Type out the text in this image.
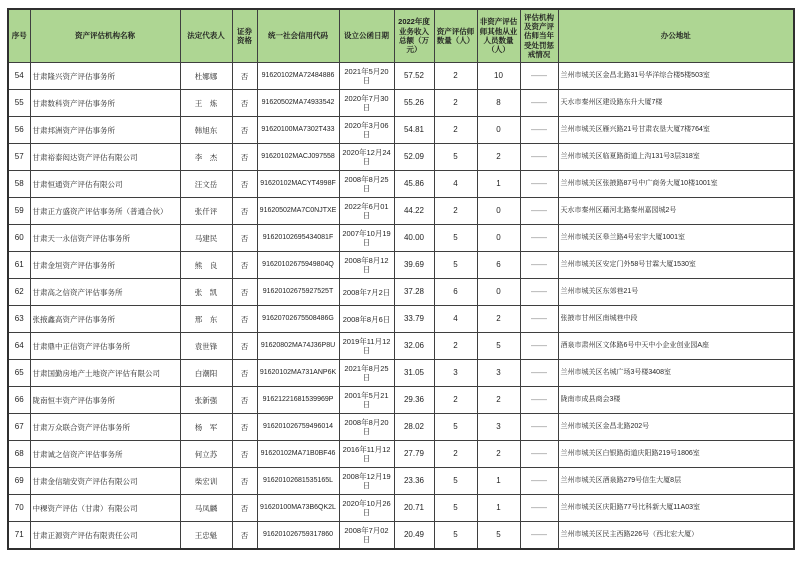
序号	资产评估机构名称	法定代表人	证券资格	统一社会信用代码	设立公函日期	2022年度业务收入总额（万元）	资产评估师数量（人）	非资产评估师其他从业人员数量（人）	评估机构及资产评估师当年受处罚惩戒情况	办公地址
54	甘肃隆兴资产评估事务所	杜娜娜	否	91620102MA72484886	2021年5月20日	57.52	2	10	——	兰州市城关区金昌北路31号华洋综合楼5楼503室
55	甘肃数科资产评估事务所	王　炼	否	91620502MA74933542	2020年7月30日	55.26	2	8	——	天水市秦州区建设路东升大厦7楼
56	甘肃邦洲资产评估事务所	韩旭东	否	91620100MA7302T433	2020年3月06日	54.81	2	0	——	兰州市城关区雁兴路21号甘肃农垦大厦7楼764室
57	甘肃裕泰闳达资产评估有限公司	李　杰	否	91620102MACJ097558	2020年12月24日	52.09	5	2	——	兰州市城关区临夏路街道上沟131号3层318室
58	甘肃恒通资产评估有限公司	汪文岳	否	91620102MACYT4998F	2008年8月25日	45.86	4	1	——	兰州市城关区张掖路87号中广商务大厦10楼1001室
59	甘肃正方盛资产评估事务所（普通合伙）	张仟评	否	91620502MA7C0NJTXE	2022年6月01日	44.22	2	0	——	天水市秦州区藉河北路秦州嘉园城2号
60	甘肃天一永信资产评估事务所	马建民	否	91620102695434081F	2007年10月19日	40.00	5	0	——	兰州市城关区皋兰路4号宏宇大厦1001室
61	甘肃金垣资产评估事务所	熊　良	否	91620102675949804Q	2008年8月12日	39.69	5	6	——	兰州市城关区安定门外58号甘霖大厦1530室
62	甘肃高之信资产评估事务所	张　凯	否	91620102675927525T	2008年7月2日	37.28	6	0	——	兰州市城关区东郊巷21号
63	张掖鑫高资产评估事务所	邢　东	否	91620702675508486G	2008年8月6日	33.79	4	2	——	张掖市甘州区南城巷中段
64	甘肃鼎中正信资产评估事务所	袁世锋	否	91620802MA74J36P8U	2019年11月12日	32.06	2	5	——	酒泉市肃州区文体路6号中天中小企业创业园A座
65	甘肃国勤房地产土地资产评估有限公司	白潮阳	否	91620102MA731ANP6K	2021年8月25日	31.05	3	3	——	兰州市城关区名城广场3号楼3408室
66	陇南恒丰资产评估事务所	张新强	否	91621221681539969P	2001年5月21日	29.36	2	2	——	陇南市成县商会3楼
67	甘肃万众联合资产评估事务所	杨　军	否	916201026759496014	2008年8月20日	28.02	5	3	——	兰州市城关区金昌北路202号
68	甘肃诚之信资产评估事务所	何立苏	否	91620102MA71B0BF46	2016年11月12日	27.79	2	2	——	兰州市城关区白银路街道庆阳路219号1806室
69	甘肃金信瑞安资产评估有限公司	柴宏训	否	91620102681535165L	2008年12月19日	23.36	5	1	——	兰州市城关区酒泉路279号信生大厦8层
70	中稞资产评估（甘肃）有限公司	马凤麟	否	91620100MA73B6QK2L	2020年10月26日	20.71	5	1	——	兰州市城关区庆阳路77号比科新大厦11A03室
71	甘肃正源资产评估有限责任公司	王忠魁	否	916201026759317860	2008年7月02日	20.49	5	5	——	兰州市城关区民主西路226号（西北宏大厦）
